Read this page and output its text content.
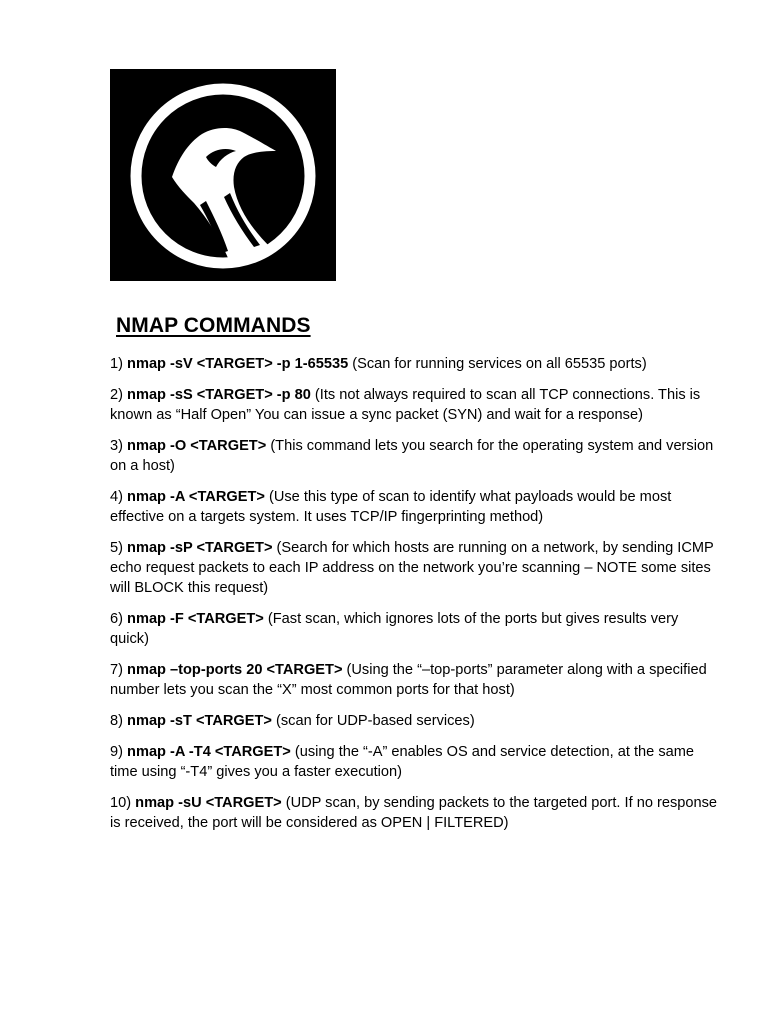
NMAP COMMANDS
1) nmap -sV <TARGET> -p 1-65535 (Scan for running services on all 65535 ports)
2) nmap -sS <TARGET> -p 80 (Its not always required to scan all TCP connections. This is known as “Half Open” You can issue a sync packet (SYN) and wait for a response)
3) nmap -O <TARGET> (This command lets you search for the operating system and version on a host)
4) nmap -A <TARGET> (Use this type of scan to identify what payloads would be most effective on a targets system. It uses TCP/IP fingerprinting method)
5) nmap -sP <TARGET> (Search for which hosts are running on a network, by sending ICMP echo request packets to each IP address on the network you’re scanning – NOTE some sites will BLOCK this request)
6) nmap -F <TARGET> (Fast scan, which ignores lots of the ports but gives results very quick)
7) nmap –top-ports 20 <TARGET> (Using the “–top-ports” parameter along with a specified number lets you scan the “X” most common ports for that host)
8) nmap -sT <TARGET> (scan for UDP-based services)
9) nmap -A -T4 <TARGET> (using the “-A” enables OS and service detection, at the same time using “-T4” gives you a faster execution)
10) nmap -sU <TARGET> (UDP scan, by sending packets to the targeted port. If no response is received, the port will be considered as OPEN | FILTERED)
